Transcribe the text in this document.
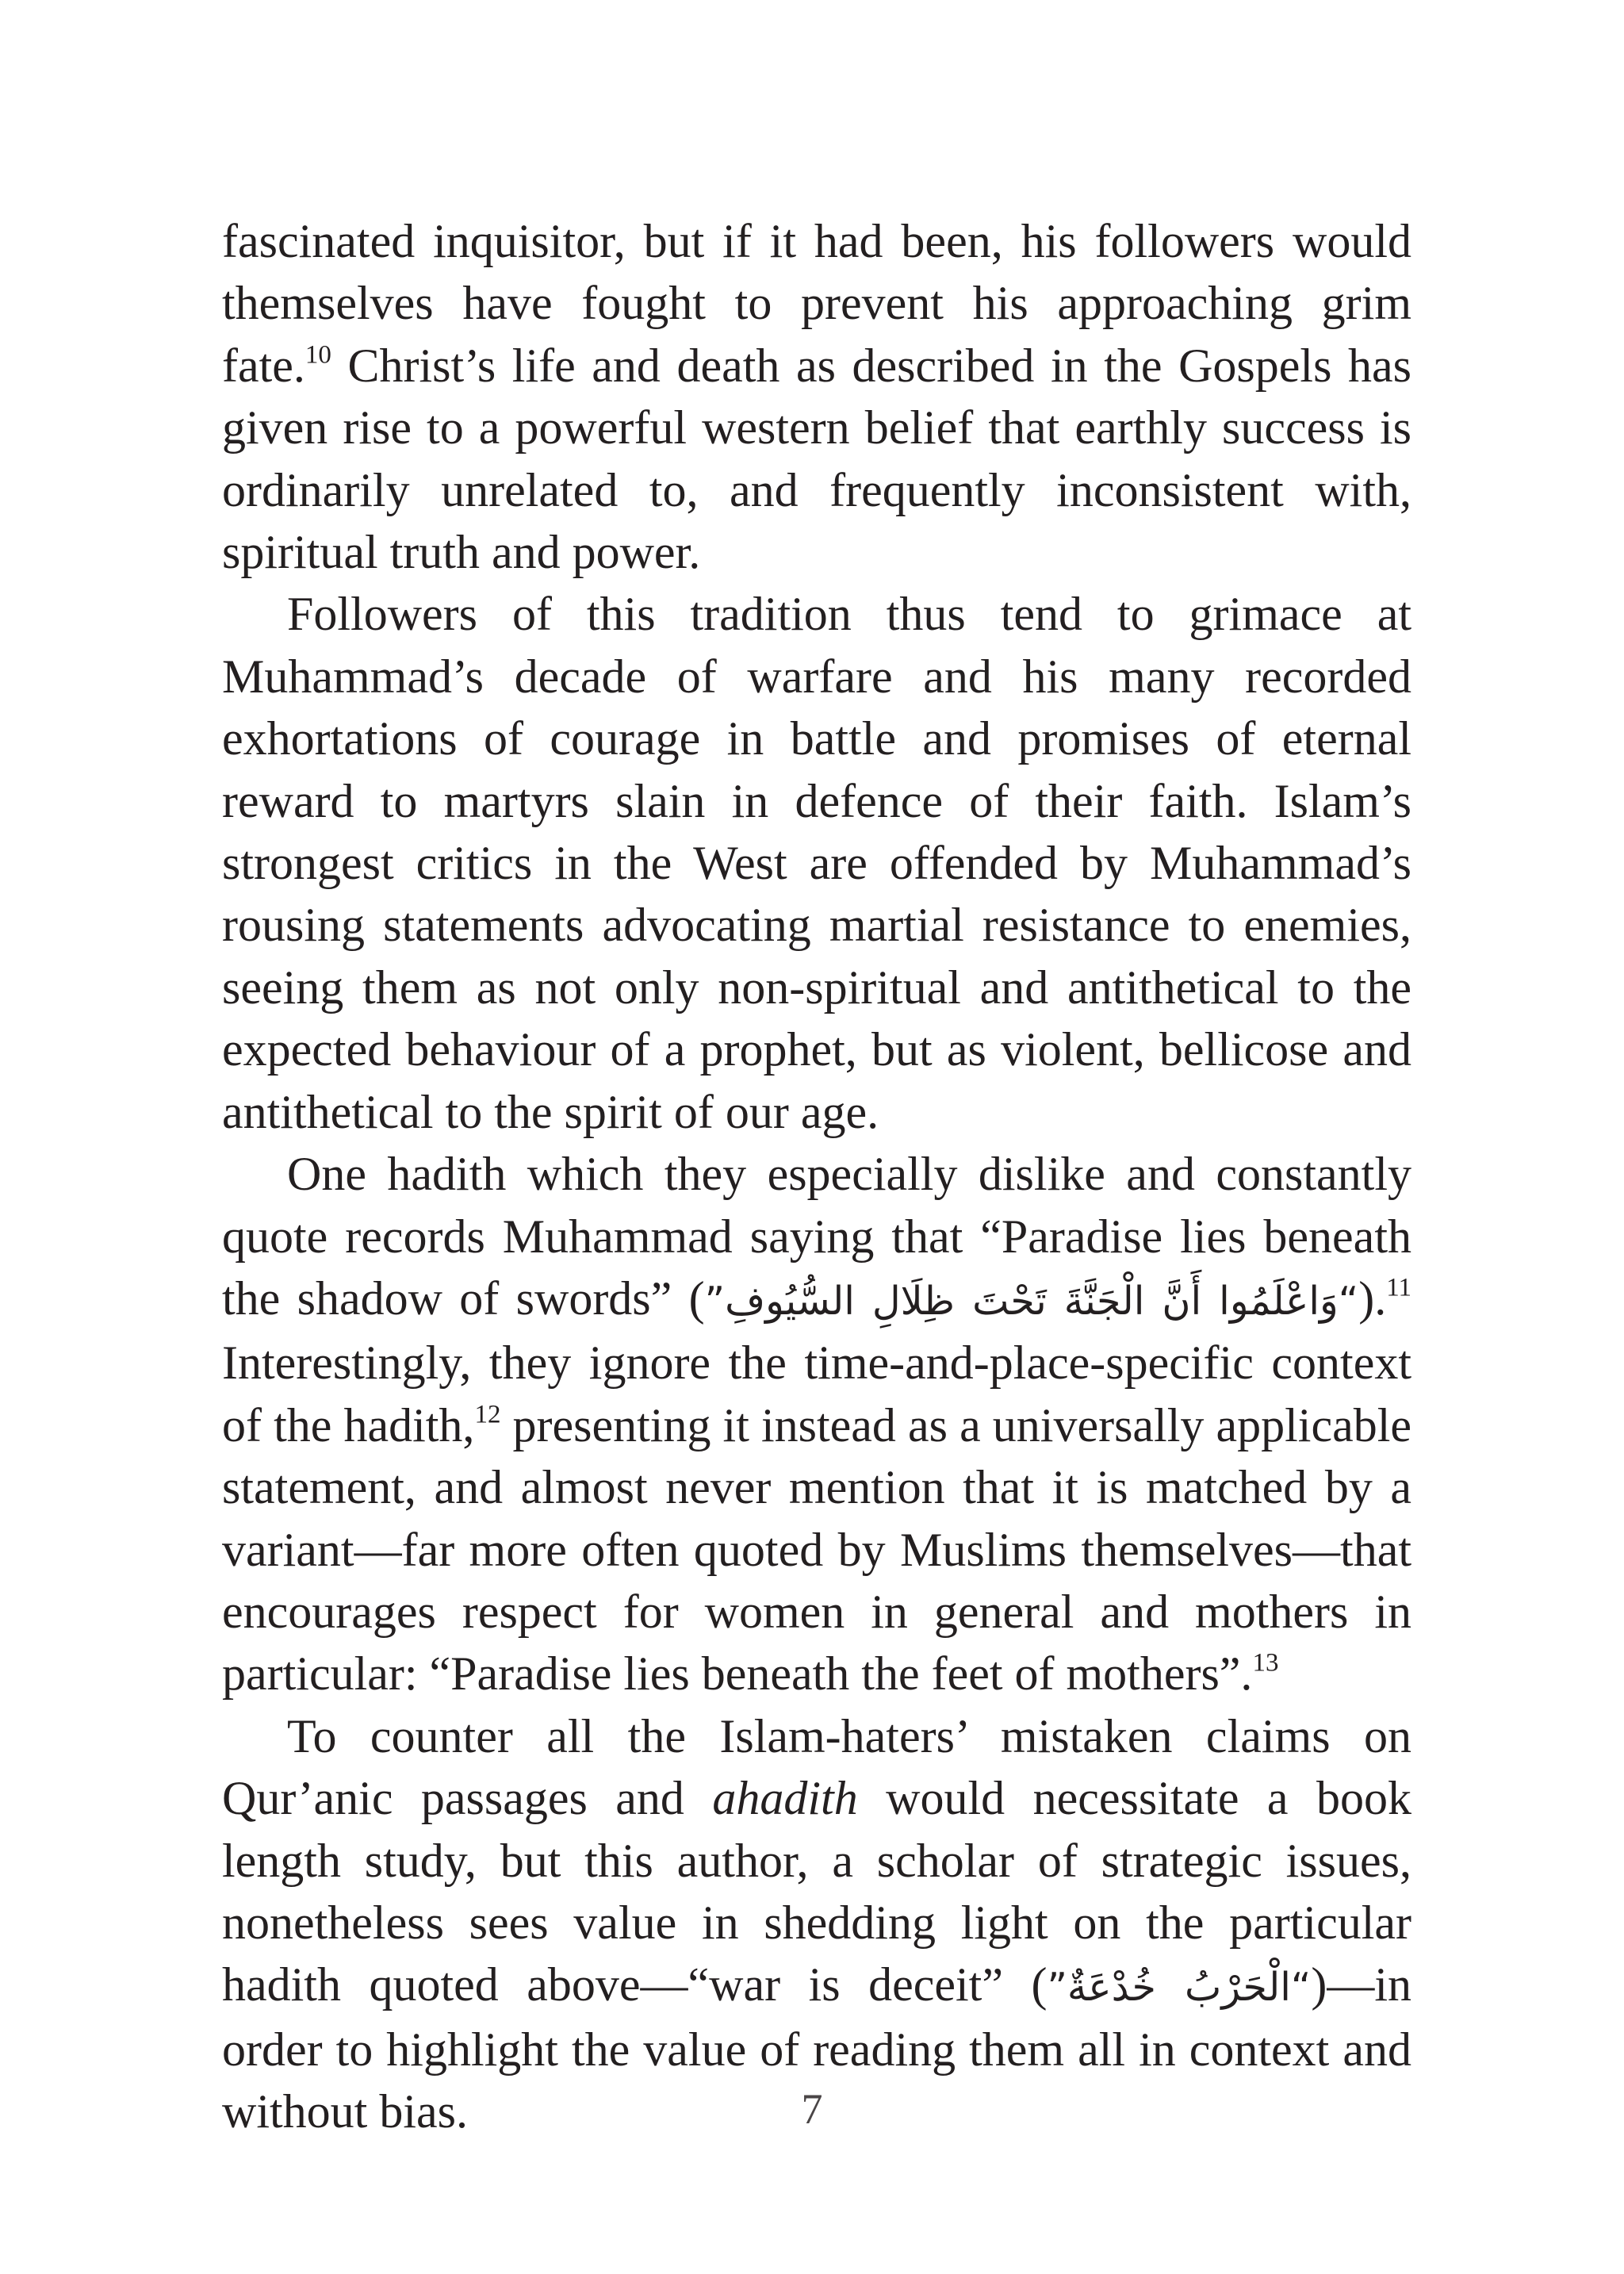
fascinated inquisitor, but if it had been, his followers would themselves have fought to prevent his approaching grim fate.$^{10}$ Christ’s life and death as described in the Gospels has given rise to a powerful western belief that earthly success is ordinarily unrelated to, and frequently inconsistent with, spiritual truth and power.

Followers of this tradition thus tend to grimace at Muhammad’s decade of warfare and his many recorded exhortations of courage in battle and promises of eternal reward to martyrs slain in defence of their faith. Islam’s strongest critics in the West are offended by Muhammad’s rousing statements advocating martial resistance to enemies, seeing them as not only non-spiritual and antithetical to the expected behaviour of a prophet, but as violent, bellicose and antithetical to the spirit of our age.

One hadith which they especially dislike and constantly quote records Muhammad saying that “Paradise lies beneath the shadow of swords” (“وَاعْلَمُوا أَنَّ الْجَنَّةَ تَحْتَ ظِلَالِ السُّيُوفِ”).$^{11}$ Interestingly, they ignore the time-and-place-specific context of the hadith,$^{12}$ presenting it instead as a universally applicable statement, and almost never mention that it is matched by a variant—far more often quoted by Muslims themselves—that encourages respect for women in general and mothers in particular: “Paradise lies beneath the feet of mothers”.$^{13}$

To counter all the Islam-haters’ mistaken claims on Qur’anic passages and ahadith would necessitate a book length study, but this author, a scholar of strategic issues, nonetheless sees value in shedding light on the particular hadith quoted above—“war is deceit” (“الْحَرْبُ خُدْعَةٌ”)—in order to highlight the value of reading them all in context and without bias.	7
